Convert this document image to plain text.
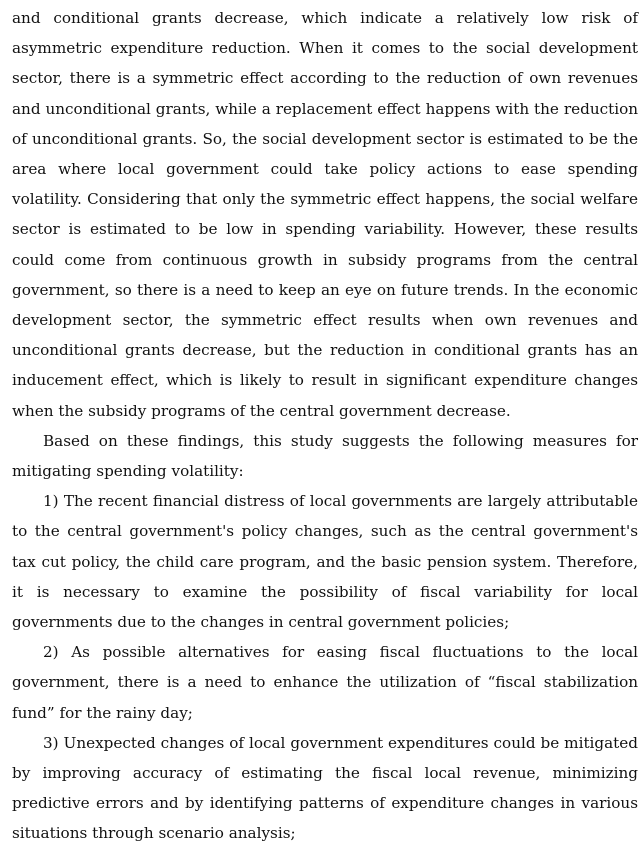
and conditional grants decrease, which indicate a relatively low risk of asymmetric expenditure reduction. When it comes to the social development sector, there is a symmetric effect according to the reduction of own revenues and unconditional grants, while a replacement effect happens with the reduction of unconditional grants. So, the social development sector is estimated to be the area where local government could take policy actions to ease spending volatility. Considering that only the symmetric effect happens, the social welfare sector is estimated to be low in spending variability. However, these results could come from continuous growth in subsidy programs from the central government, so there is a need to keep an eye on future trends. In the economic development sector, the symmetric effect results when own revenues and unconditional grants decrease, but the reduction in conditional grants has an inducement effect, which is likely to result in significant expenditure changes when the subsidy programs of the central government decrease.

Based on these findings, this study suggests the following measures for mitigating spending volatility:

1) The recent financial distress of local governments are largely attributable to the central government's policy changes, such as the central government's tax cut policy, the child care program, and the basic pension system. Therefore, it is necessary to examine the possibility of fiscal variability for local governments due to the changes in central government policies;

2) As possible alternatives for easing fiscal fluctuations to the local government, there is a need to enhance the utilization of “fiscal stabilization fund” for the rainy day;

3) Unexpected changes of local government expenditures could be mitigated by improving accuracy of estimating the fiscal local revenue, minimizing predictive errors and by identifying patterns of expenditure changes in various situations through scenario analysis;
